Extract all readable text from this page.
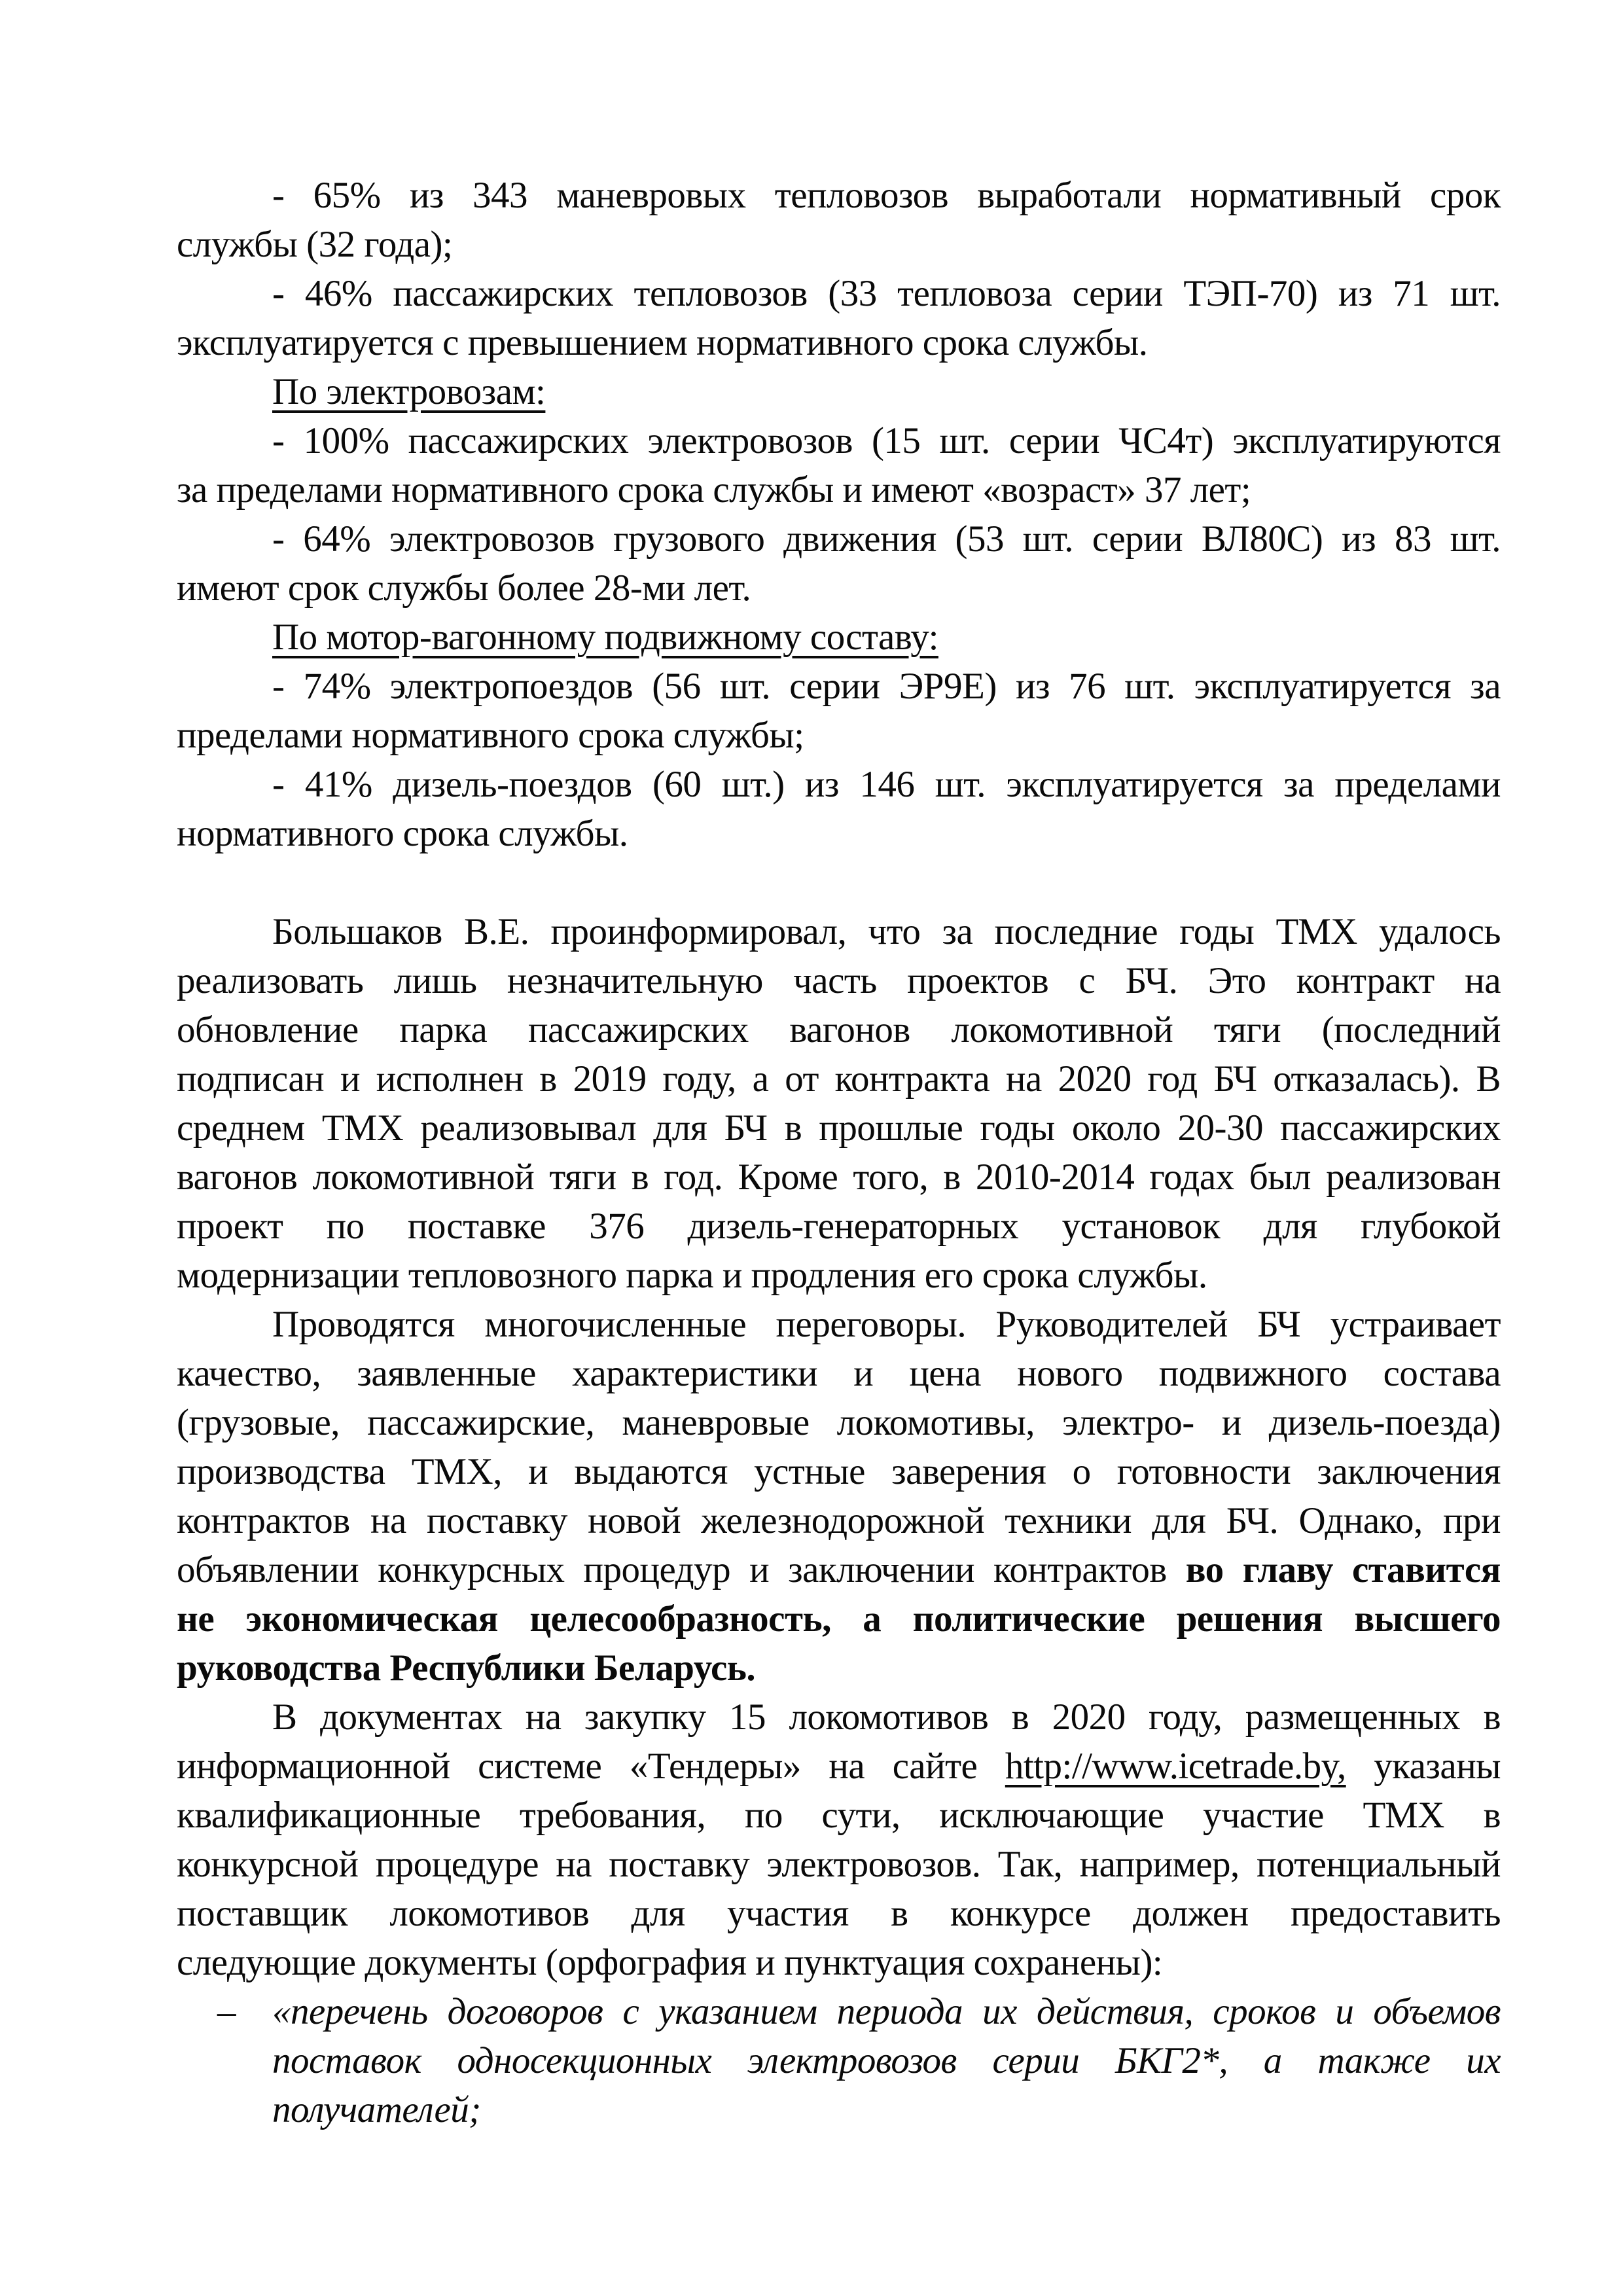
- 65% из 343 маневровых тепловозов выработали нормативный срок
службы (32 года);
- 46% пассажирских тепловозов (33 тепловоза серии ТЭП-70) из 71 шт.
эксплуатируется с превышением нормативного срока службы.
По электровозам:
- 100% пассажирских электровозов (15 шт. серии ЧС4т) эксплуатируются
за пределами нормативного срока службы и имеют «возраст» 37 лет;
- 64% электровозов грузового движения (53 шт. серии ВЛ80С) из 83 шт.
имеют срок службы более 28-ми лет.
По мотор-вагонному подвижному составу:
- 74% электропоездов (56 шт. серии ЭР9Е) из 76 шт. эксплуатируется за
пределами нормативного срока службы;
- 41% дизель-поездов (60 шт.) из 146 шт. эксплуатируется за пределами
нормативного срока службы.
Большаков В.Е. проинформировал, что за последние годы ТМХ удалось
реализовать лишь незначительную часть проектов с БЧ. Это контракт на
обновление парка пассажирских вагонов локомотивной тяги (последний
подписан и исполнен в 2019 году, а от контракта на 2020 год БЧ отказалась). В
среднем ТМХ реализовывал для БЧ в прошлые годы около 20-30 пассажирских
вагонов локомотивной тяги в год. Кроме того, в 2010-2014 годах был реализован
проект по поставке 376 дизель-генераторных установок для глубокой
модернизации тепловозного парка и продления его срока службы.
Проводятся многочисленные переговоры. Руководителей БЧ устраивает
качество, заявленные характеристики и цена нового подвижного состава
(грузовые, пассажирские, маневровые локомотивы, электро- и дизель-поезда)
производства ТМХ, и выдаются устные заверения о готовности заключения
контрактов на поставку новой железнодорожной техники для БЧ. Однако, при
объявлении конкурсных процедур и заключении контрактов во главу ставится
не экономическая целесообразность, а политические решения высшего
руководства Республики Беларусь.
В документах на закупку 15 локомотивов в 2020 году, размещенных в
информационной системе «Тендеры» на сайте http://www.icetrade.by, указаны
квалификационные требования, по сути, исключающие участие ТМХ в
конкурсной процедуре на поставку электровозов. Так, например, потенциальный
поставщик локомотивов для участия в конкурсе должен предоставить
следующие документы (орфография и пунктуация сохранены):
– «перечень договоров с указанием периода их действия, сроков и объемов
поставок односекционных электровозов серии БКГ2*, а также их
получателей;
